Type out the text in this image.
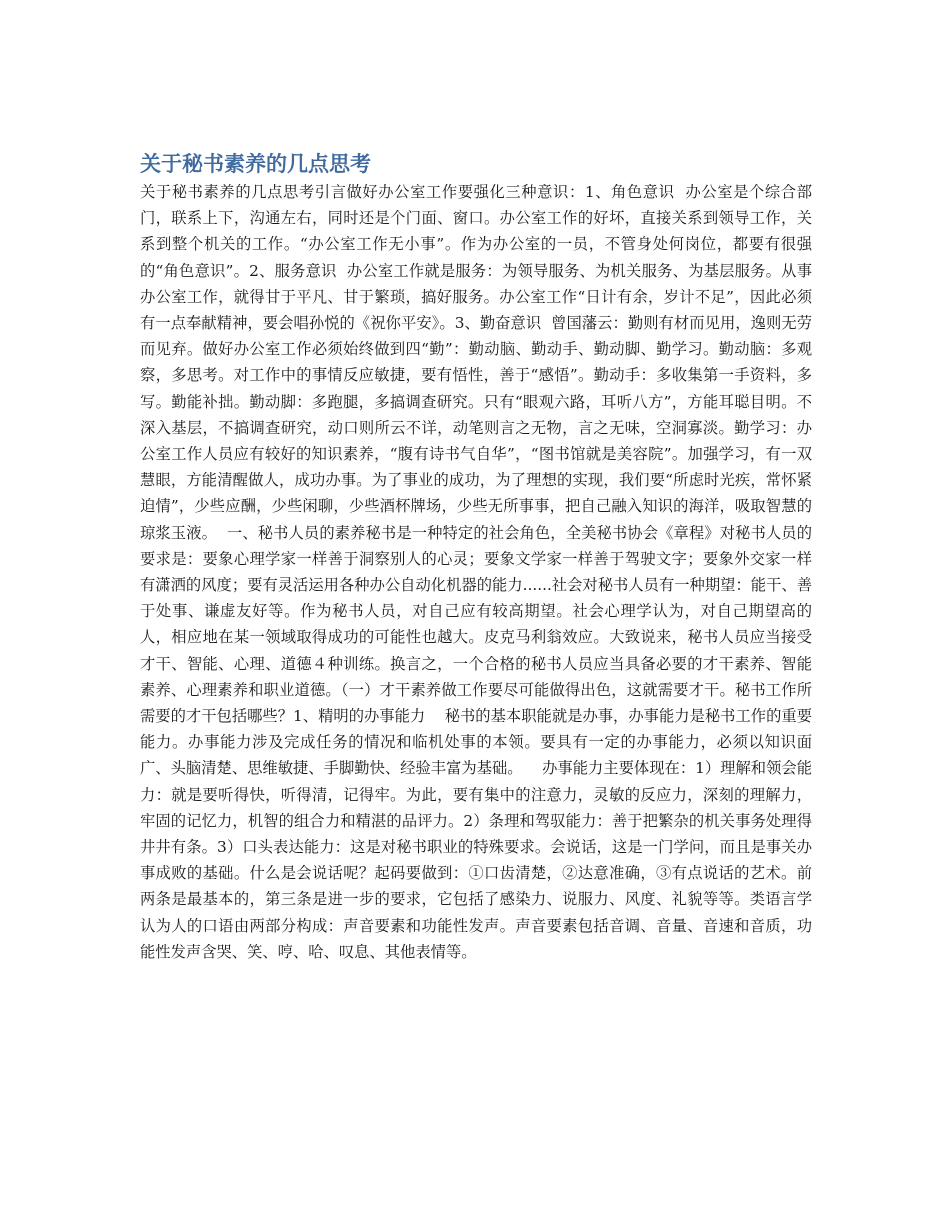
关于秘书素养的几点思考

关于秘书素养的几点思考引言做好办公室工作要强化三种意识：1、角色意识  办公室是个综合部门，联系上下，沟通左右，同时还是个门面、窗口。办公室工作的好坏，直接关系到领导工作，关系到整个机关的工作。“办公室工作无小事”。作为办公室的一员，不管身处何岗位，都要有很强的“角色意识”。2、服务意识  办公室工作就是服务：为领导服务、为机关服务、为基层服务。从事办公室工作，就得甘于平凡、甘于繁琐，搞好服务。办公室工作“日计有余，岁计不足”，因此必须有一点奉献精神，要会唱孙悦的《祝你平安》。3、勤奋意识  曾国藩云：勤则有材而见用，逸则无劳而见弃。做好办公室工作必须始终做到四“勤”：勤动脑、勤动手、勤动脚、勤学习。勤动脑：多观察，多思考。对工作中的事情反应敏捷，要有悟性，善于“感悟”。勤动手：多收集第一手资料，多写。勤能补拙。勤动脚：多跑腿，多搞调查研究。只有“眼观六路，耳听八方”，方能耳聪目明。不深入基层，不搞调查研究，动口则所云不详，动笔则言之无物，言之无味，空洞寡淡。勤学习：办公室工作人员应有较好的知识素养，“腹有诗书气自华”，“图书馆就是美容院”。加强学习，有一双慧眼，方能清醒做人，成功办事。为了事业的成功，为了理想的实现，我们要“所虑时光疾，常怀紧迫情”，少些应酬，少些闲聊，少些酒杯牌场，少些无所事事，把自己融入知识的海洋，吸取智慧的琼浆玉液。  一、秘书人员的素养秘书是一种特定的社会角色，全美秘书协会《章程》对秘书人员的要求是：要象心理学家一样善于洞察别人的心灵；要象文学家一样善于驾驶文字；要象外交家一样有潇洒的风度；要有灵活运用各种办公自动化机器的能力......社会对秘书人员有一种期望：能干、善于处事、谦虚友好等。作为秘书人员，对自己应有较高期望。社会心理学认为，对自己期望高的人，相应地在某一领域取得成功的可能性也越大。皮克马利翁效应。大致说来，秘书人员应当接受才干、智能、心理、道德４种训练。换言之，一个合格的秘书人员应当具备必要的才干素养、智能素养、心理素养和职业道德。（一）才干素养做工作要尽可能做得出色，这就需要才干。秘书工作所需要的才干包括哪些？1、精明的办事能力    秘书的基本职能就是办事，办事能力是秘书工作的重要能力。办事能力涉及完成任务的情况和临机处事的本领。要具有一定的办事能力，必须以知识面广、头脑清楚、思维敏捷、手脚勤快、经验丰富为基础。    办事能力主要体现在：1）理解和领会能力：就是要听得快，听得清，记得牢。为此，要有集中的注意力，灵敏的反应力，深刻的理解力，牢固的记忆力，机智的组合力和精湛的品评力。2）条理和驾驭能力：善于把繁杂的机关事务处理得井井有条。3）口头表达能力：这是对秘书职业的特殊要求。会说话，这是一门学问，而且是事关办事成败的基础。什么是会说话呢？起码要做到：①口齿清楚，②达意准确，③有点说话的艺术。前两条是最基本的，第三条是进一步的要求，它包括了感染力、说服力、风度、礼貌等等。类语言学认为人的口语由两部分构成：声音要素和功能性发声。声音要素包括音调、音量、音速和音质，功能性发声含哭、笑、哼、哈、叹息、其他表情等。
